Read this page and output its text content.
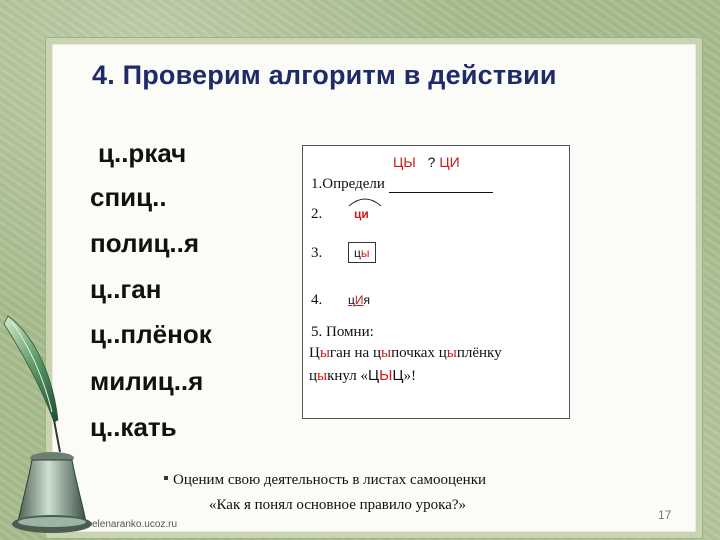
4. Проверим алгоритм в действии
ц..ркач
спиц..
полиц..я
ц..ган
ц..плёнок
милиц..я
ц..кать
ЦЫ ? ЦИ
1.Определи
2.	ци
3.	цы
4. цИя
5. Помни:
Цыган на цыпочках цыплёнку
цыкнул «ЦЫЦ»!
Оценим свою деятельность в листах самооценки
«Как я понял основное правило урока?»
17
elenaranko.ucoz.ru
